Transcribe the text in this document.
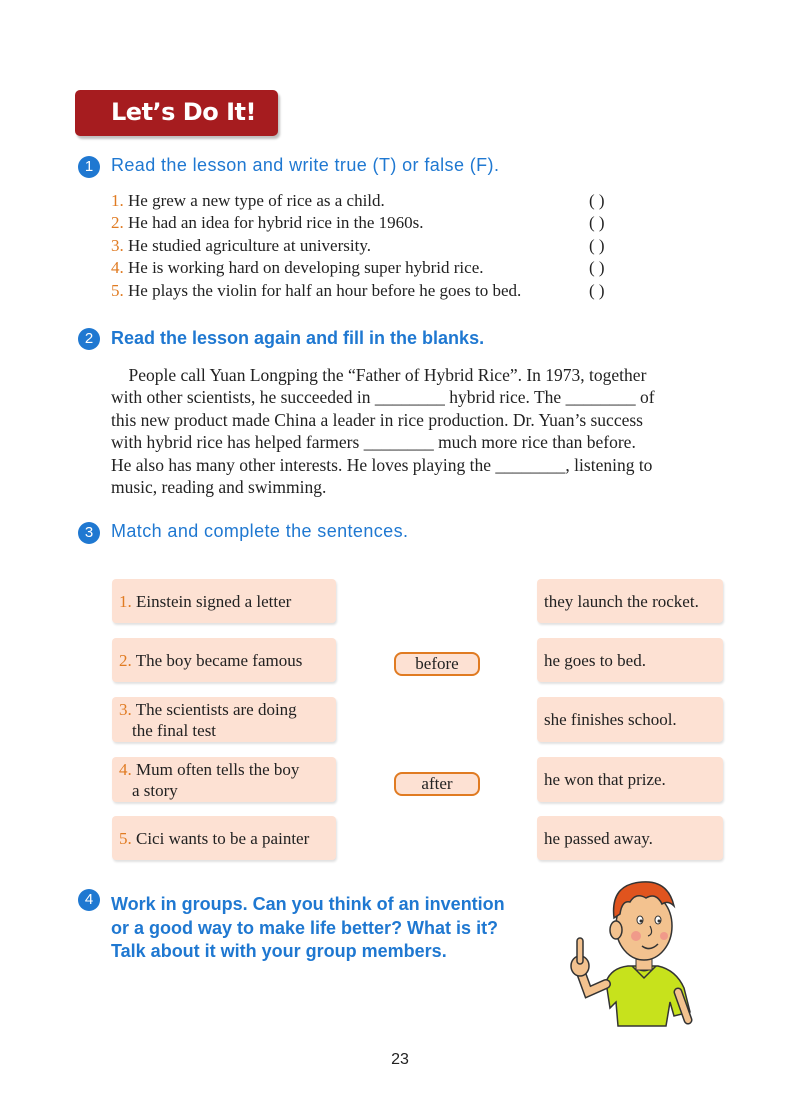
Let’s Do It!
1 Read the lesson and write true (T) or false (F).
1. He grew a new type of rice as a child.	( )
2. He had an idea for hybrid rice in the 1960s.	( )
3. He studied agriculture at university.	( )
4. He is working hard on developing super hybrid rice.	( )
5. He plays the violin for half an hour before he goes to bed.	( )
2 Read the lesson again and fill in the blanks.

People call Yuan Longping the “Father of Hybrid Rice”. In 1973, together

with other scientists, he succeeded in ________ hybrid rice. The ________ of

this new product made China a leader in rice production. Dr. Yuan’s success

with hybrid rice has helped farmers ________ much more rice than before.

He also has many other interests. He loves playing the ________, listening to

music, reading and swimming.

3 Match and complete the sentences.
1. Einstein signed a letter
2. The boy became famous
3. The scientists are doing
the final test
4. Mum often tells the boy
a story
5. Cici wants to be a painter
before
after
they launch the rocket.
he goes to bed.
she finishes school.
he won that prize.
he passed away.
4 Work in groups. Can you think of an invention
or a good way to make life better? What is it?
Talk about it with your group members.
23
